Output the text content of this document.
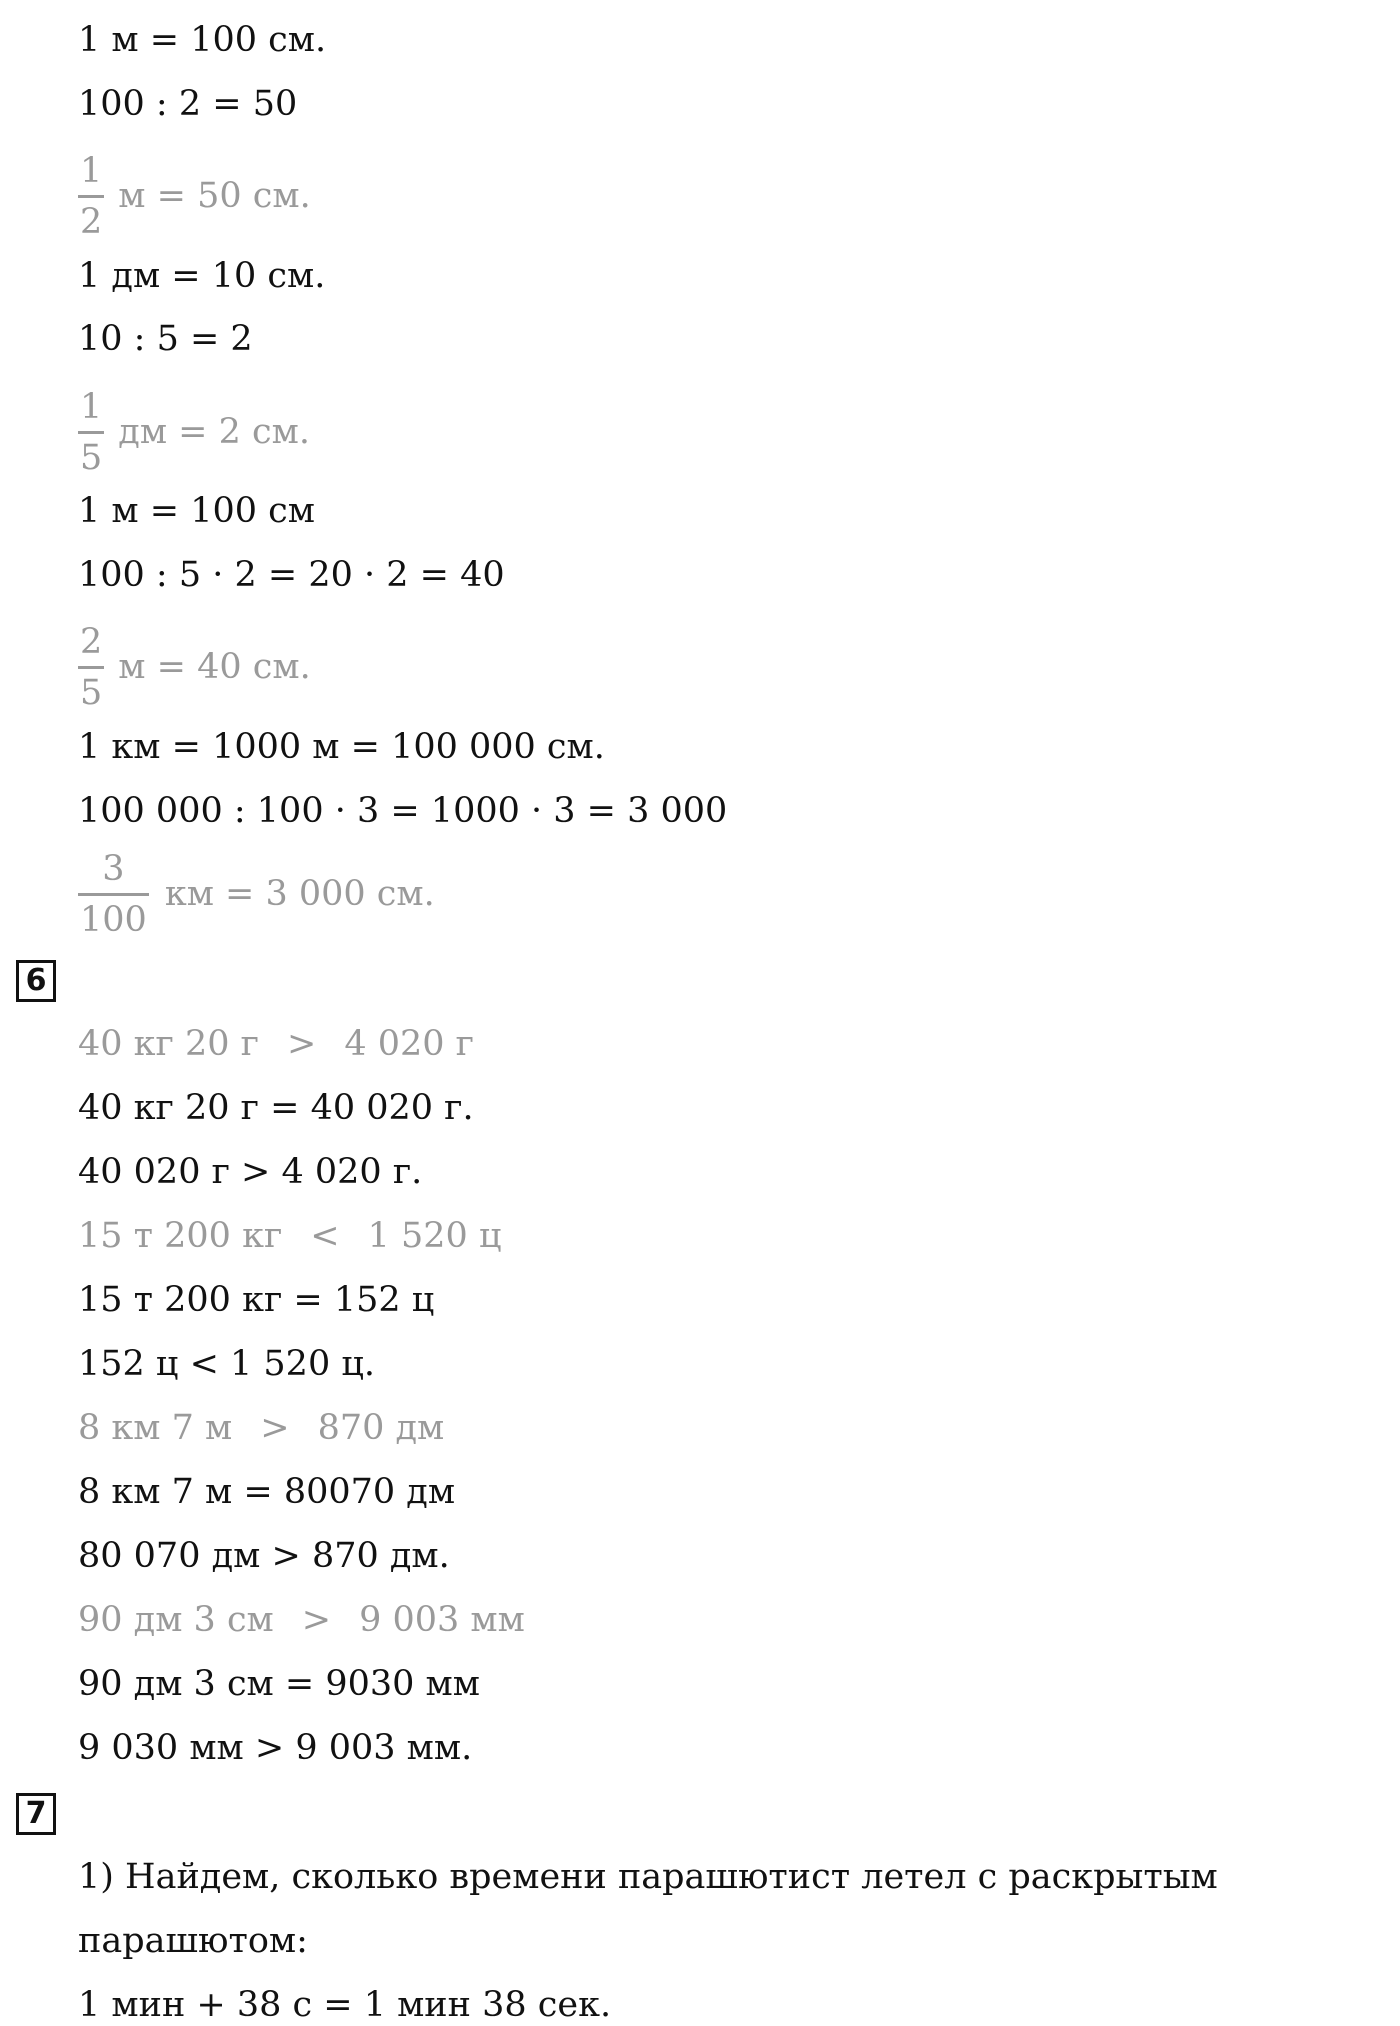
1 м = 100 см.
100 : 2 = 50
$\frac{1}{2}$ м = 50 см.
1 дм = 10 см.
10 : 5 = 2
$\frac{1}{5}$ дм = 2 см.
1 м = 100 см
100 : 5 · 2 = 20 · 2 = 40
$\frac{2}{5}$ м = 40 см.
1 км = 1000 м = 100 000 см.
100 000 : 100 · 3 = 1000 · 3 = 3 000
$\frac{3}{100}$ км = 3 000 см.
6
40 кг 20 г > 4 020 г
40 кг 20 г = 40 020 г.
40 020 г > 4 020 г.
15 т 200 кг < 1 520 ц
15 т 200 кг = 152 ц
152 ц < 1 520 ц.
8 км 7 м > 870 дм
8 км 7 м = 80070 дм
80 070 дм > 870 дм.
90 дм 3 см > 9 003 мм
90 дм 3 см = 9030 мм
9 030 мм > 9 003 мм.
7
1) Найдем, сколько времени парашютист летел с раскрытым
парашютом:
1 мин + 38 с = 1 мин 38 сек.
